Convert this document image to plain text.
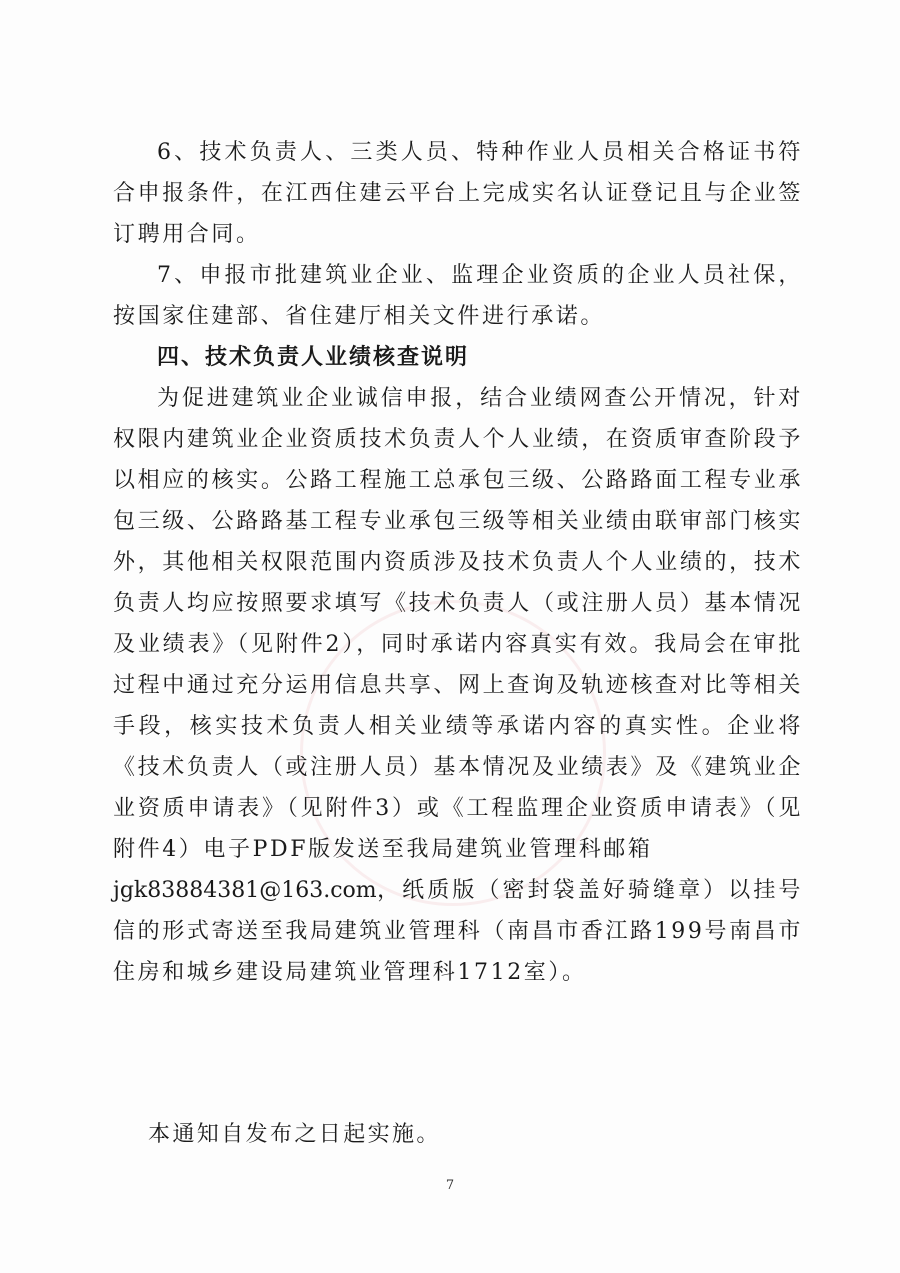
6、技术负责人、三类人员、特种作业人员相关合格证书符合申报条件，在江西住建云平台上完成实名认证登记且与企业签订聘用合同。

7、申报市批建筑业企业、监理企业资质的企业人员社保，按国家住建部、省住建厅相关文件进行承诺。

四、技术负责人业绩核查说明

为促进建筑业企业诚信申报，结合业绩网查公开情况，针对权限内建筑业企业资质技术负责人个人业绩，在资质审查阶段予以相应的核实。公路工程施工总承包三级、公路路面工程专业承包三级、公路路基工程专业承包三级等相关业绩由联审部门核实外，其他相关权限范围内资质涉及技术负责人个人业绩的，技术负责人均应按照要求填写《技术负责人（或注册人员）基本情况及业绩表》（见附件2），同时承诺内容真实有效。我局会在审批过程中通过充分运用信息共享、网上查询及轨迹核查对比等相关手段，核实技术负责人相关业绩等承诺内容的真实性。企业将《技术负责人（或注册人员）基本情况及业绩表》及《建筑业企业资质申请表》（见附件3）或《工程监理企业资质申请表》（见附件4）电子PDF版发送至我局建筑业管理科邮箱
jgk83884381@163.com，纸质版（密封袋盖好骑缝章）以挂号信的形式寄送至我局建筑业管理科（南昌市香江路199号南昌市住房和城乡建设局建筑业管理科1712室）。

本通知自发布之日起实施。

7
